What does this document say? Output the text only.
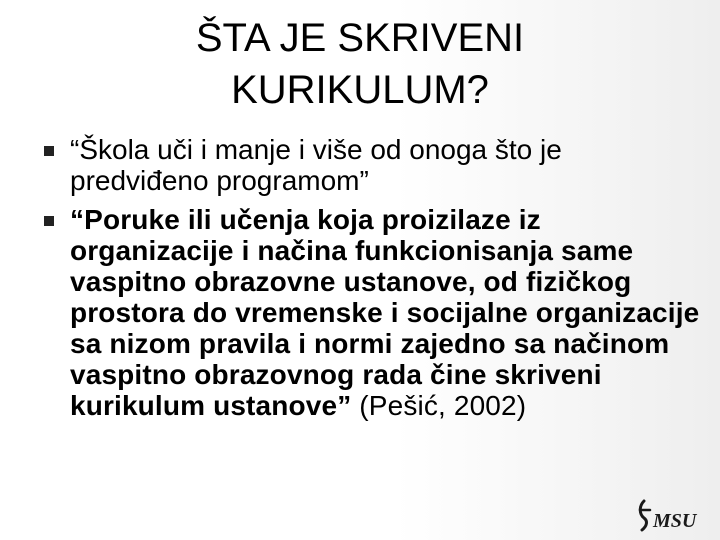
ŠTA JE SKRIVENI
KURIKULUM?
“Škola uči i manje i više od onoga što je predviđeno programom”
“Poruke ili učenja koja proizilaze iz organizacije i načina funkcionisanja same vaspitno obrazovne ustanove, od fizičkog prostora do vremenske i socijalne organizacije sa nizom pravila i normi zajedno sa načinom vaspitno obrazovnog rada čine skriveni kurikulum ustanove” (Pešić, 2002)
MSU
